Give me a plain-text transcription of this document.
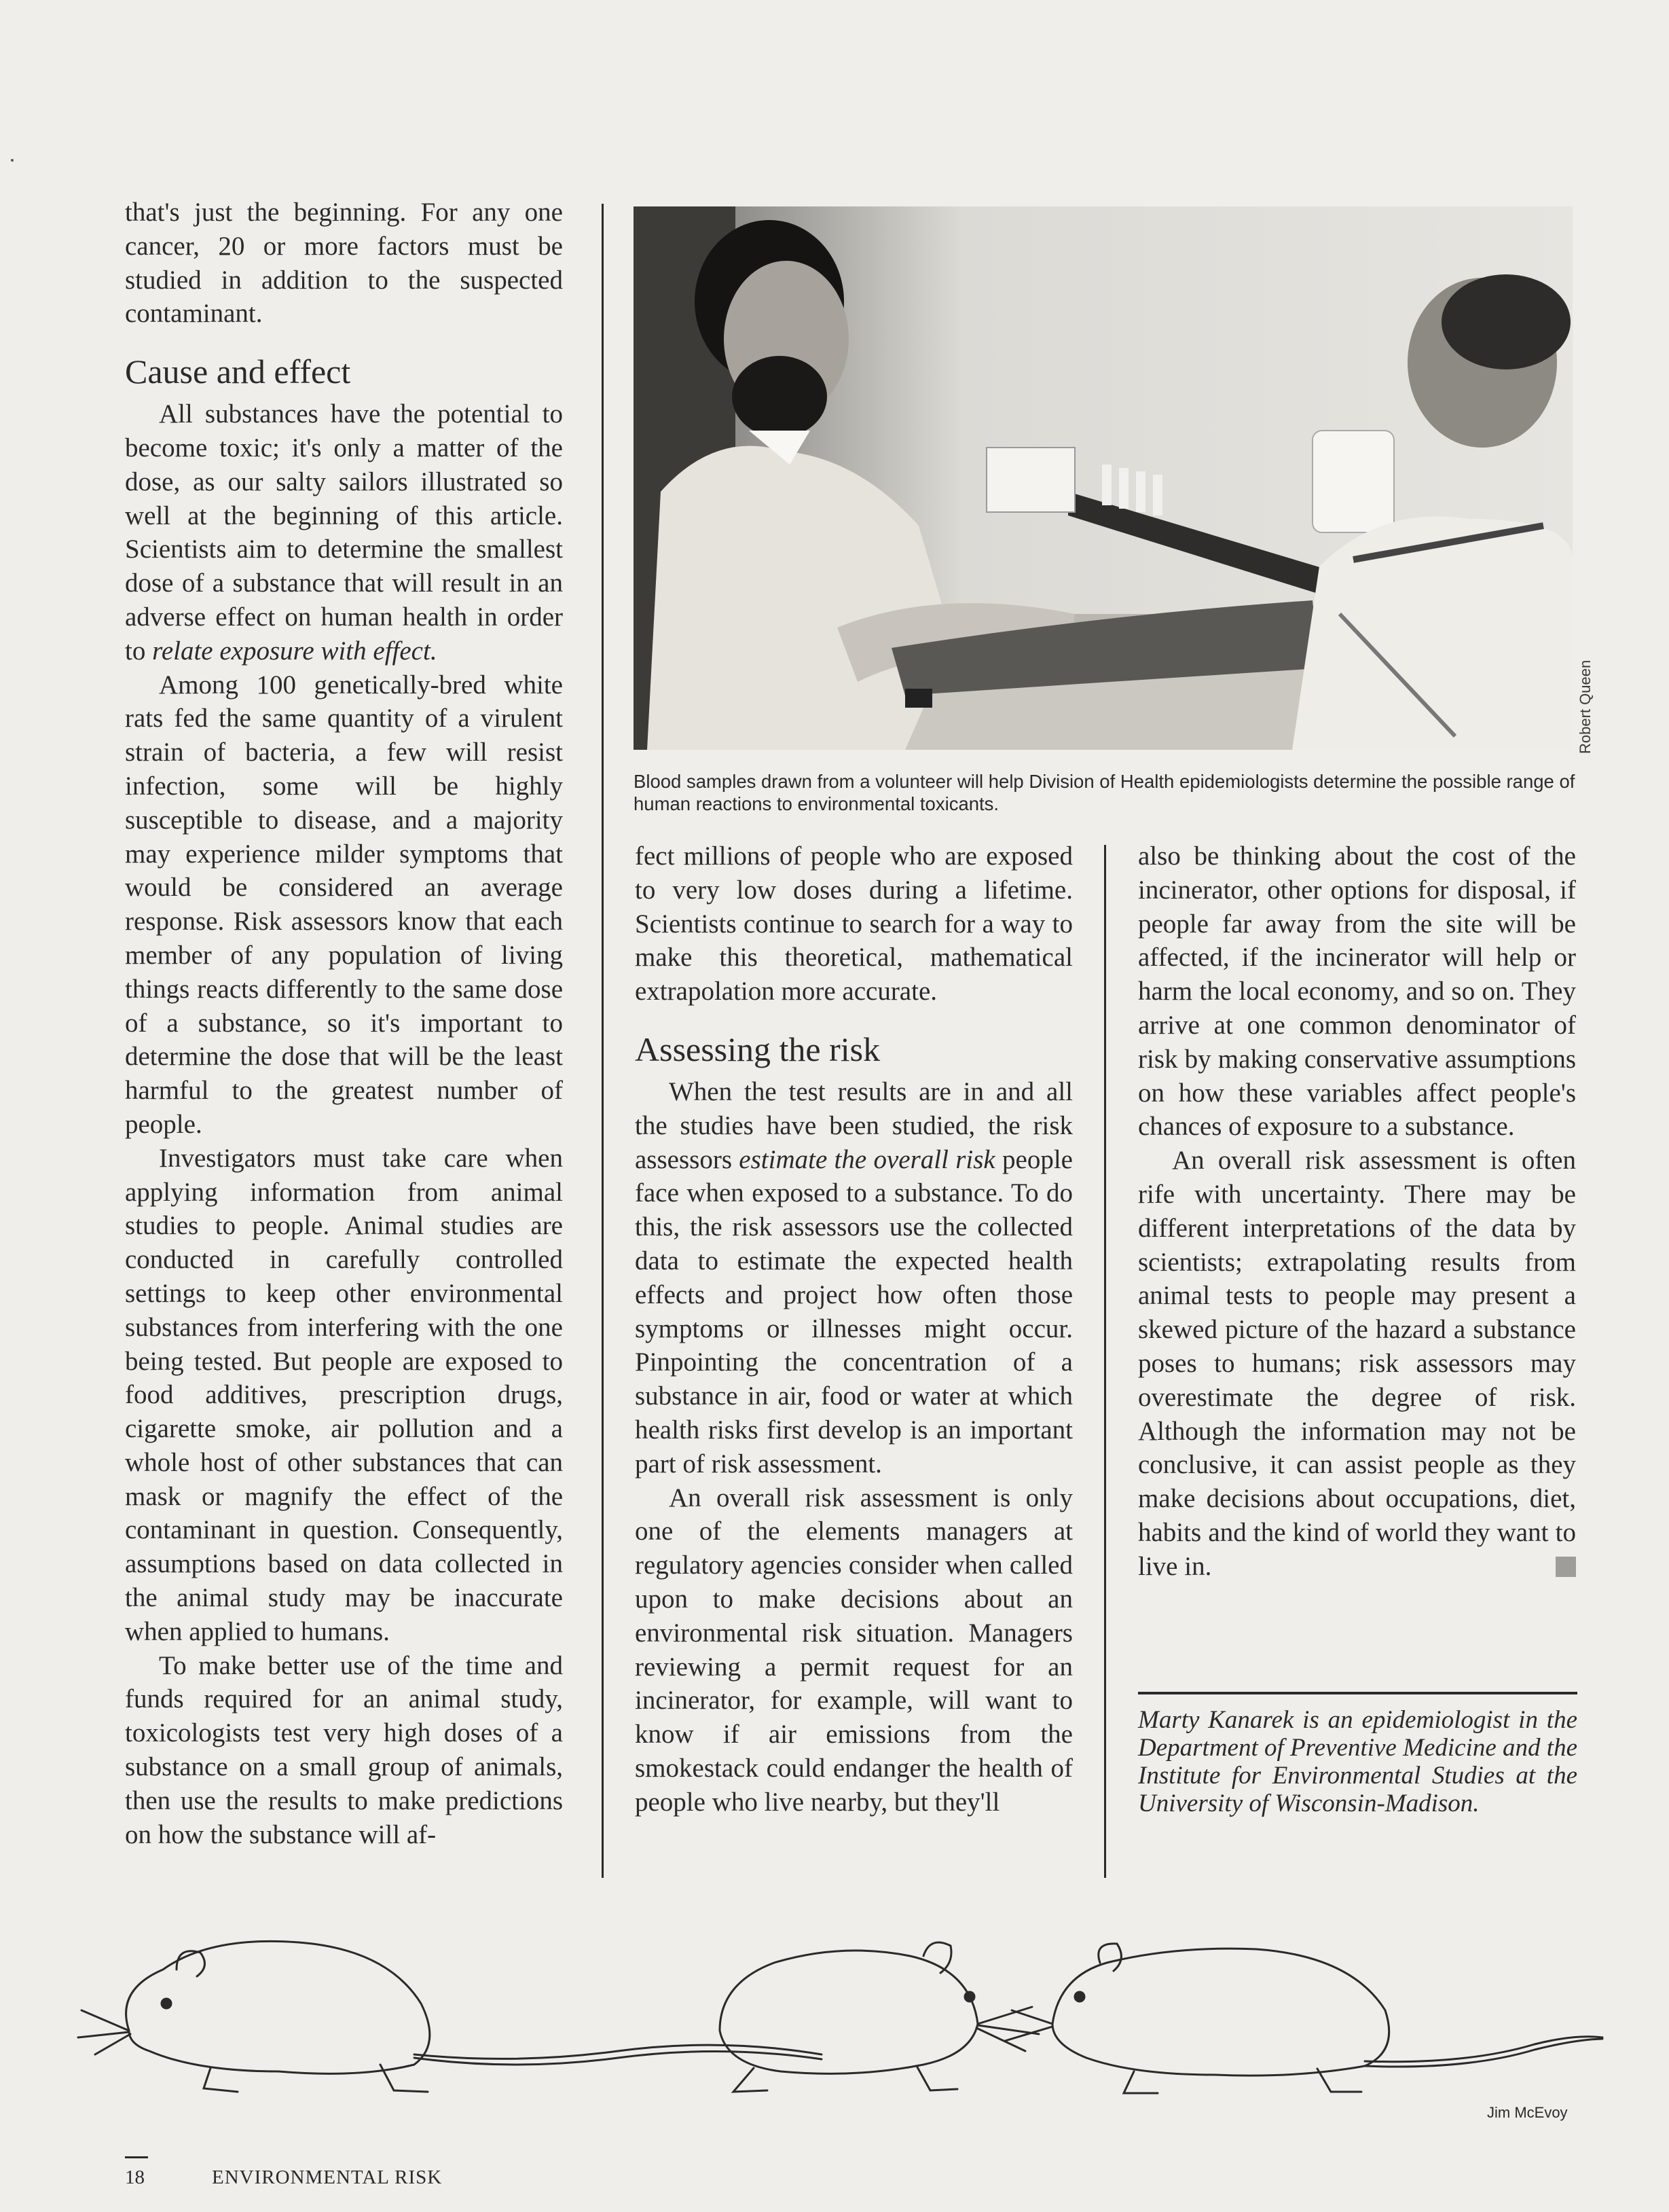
that's just the beginning. For any one cancer, 20 or more factors must be studied in addition to the suspected contaminant.

Cause and effect

All substances have the potential to become toxic; it's only a matter of the dose, as our salty sailors illustrated so well at the beginning of this article. Scientists aim to determine the smallest dose of a substance that will result in an adverse effect on human health in order to relate exposure with effect.

Among 100 genetically-bred white rats fed the same quantity of a virulent strain of bacteria, a few will resist infection, some will be highly susceptible to disease, and a majority may experience milder symptoms that would be considered an average response. Risk assessors know that each member of any population of living things reacts differently to the same dose of a substance, so it's important to determine the dose that will be the least harmful to the greatest number of people.

Investigators must take care when applying information from animal studies to people. Animal studies are conducted in carefully controlled settings to keep other environmental substances from interfering with the one being tested. But people are exposed to food additives, prescription drugs, cigarette smoke, air pollution and a whole host of other substances that can mask or magnify the effect of the contaminant in question. Consequently, assumptions based on data collected in the animal study may be inaccurate when applied to humans.

To make better use of the time and funds required for an animal study, toxicologists test very high doses of a substance on a small group of animals, then use the results to make predictions on how the substance will af-

Robert Queen
Blood samples drawn from a volunteer will help Division of Health epidemiologists determine the possible range of human reactions to environmental toxicants.

fect millions of people who are exposed to very low doses during a lifetime. Scientists continue to search for a way to make this theoretical, mathematical extrapolation more accurate.

Assessing the risk

When the test results are in and all the studies have been studied, the risk assessors estimate the overall risk people face when exposed to a substance. To do this, the risk assessors use the collected data to estimate the expected health effects and project how often those symptoms or illnesses might occur. Pinpointing the concentration of a substance in air, food or water at which health risks first develop is an important part of risk assessment.

An overall risk assessment is only one of the elements managers at regulatory agencies consider when called upon to make decisions about an environmental risk situation. Managers reviewing a permit request for an incinerator, for example, will want to know if air emissions from the smokestack could endanger the health of people who live nearby, but they'll

also be thinking about the cost of the incinerator, other options for disposal, if people far away from the site will be affected, if the incinerator will help or harm the local economy, and so on. They arrive at one common denominator of risk by making conservative assumptions on how these variables affect people's chances of exposure to a substance.

An overall risk assessment is often rife with uncertainty. There may be different interpretations of the data by scientists; extrapolating results from animal tests to people may present a skewed picture of the hazard a substance poses to humans; risk assessors may overestimate the degree of risk. Although the information may not be conclusive, it can assist people as they make decisions about occupations, diet, habits and the kind of world they want to live in.

Marty Kanarek is an epidemiologist in the Department of Preventive Medicine and the Institute for Environmental Studies at the University of Wisconsin-Madison.
Jim McEvoy
18	ENVIRONMENTAL RISK
